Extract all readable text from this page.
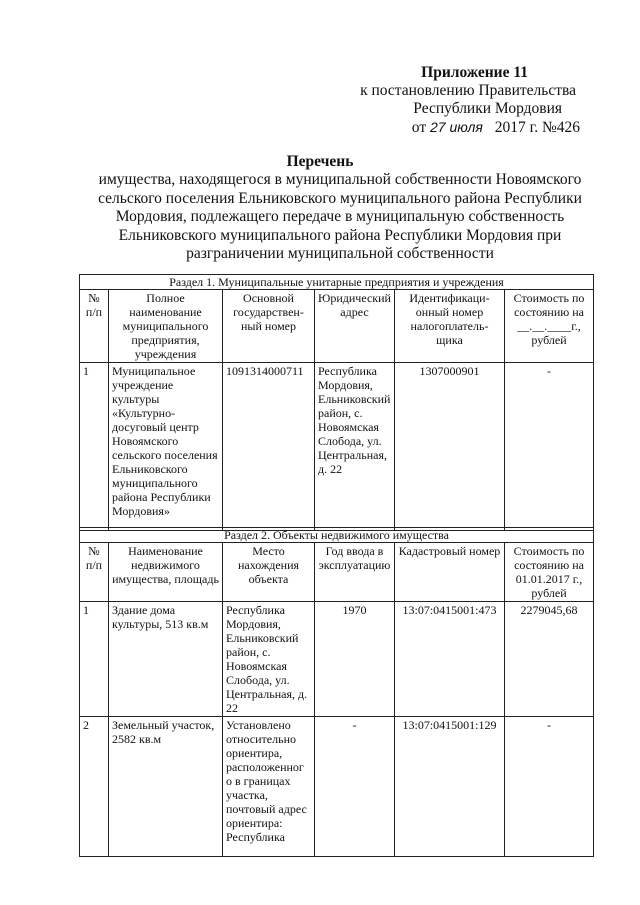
Приложение 11
к постановлению Правительства
Республики Мордовия
от 27 июля 2017 г. №426
Перечень
имущества, находящегося в муниципальной собственности Новоямского сельского поселения Ельниковского муниципального района Республики Мордовия, подлежащего передаче в муниципальную собственность Ельниковского муниципального района Республики Мордовия при разграничении муниципальной собственности
Раздел 1. Муниципальные унитарные предприятия и учреждения					
№ п/п	Полное наименование муниципального предприятия, учреждения	Основной государствен-ный номер	Юридический адрес	Идентификаци-онный номер налогоплатель-щика	Стоимость по состоянию на __.__.____г., рублей
1	Муниципальное учреждение культуры «Культурно-досуговый центр Новоямского сельского поселения Ельниковского муниципального района Республики Мордовия»	1091314000711	Республика Мордовия, Ельниковский район, с. Новоямская Слобода, ул. Центральная, д. 22	1307000901	-
Раздел 2. Объекты недвижимого имущества					
№ п/п	Наименование недвижимого имущества, площадь	Место нахождения объекта	Год ввода в эксплуатацию	Кадастровый номер	Стоимость по состоянию на 01.01.2017 г., рублей
1	Здание дома культуры, 513 кв.м	Республика Мордовия, Ельниковский район, с. Новоямская Слобода, ул. Центральная, д. 22	1970	13:07:0415001:473	2279045,68
2	Земельный участок, 2582 кв.м	Установлено относительно ориентира, расположенног о в границах участка, почтовый адрес ориентира: Республика	-	13:07:0415001:129	-
